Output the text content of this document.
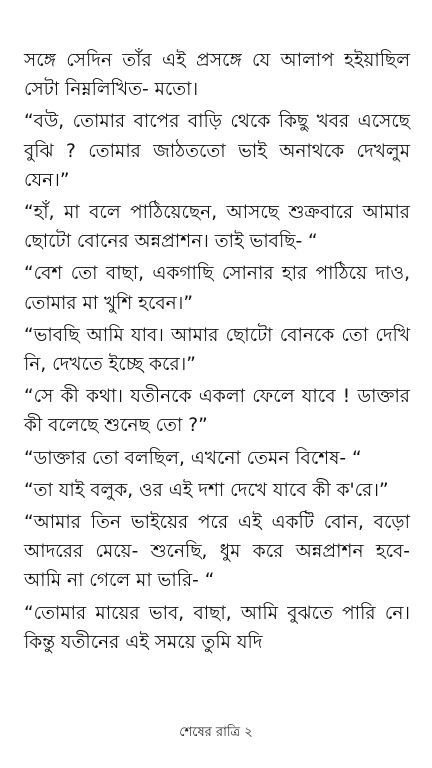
সঙ্গে সেদিন তাঁর এই প্রসঙ্গে যে আলাপ হইয়াছিল সেটা নিম্নলিখিত- মতো।

“বউ, তোমার বাপের বাড়ি থেকে কিছু খবর এসেছে বুঝি ? তোমার জাঠততো ভাই অনাথকে দেখলুম যেন।”

“হাঁ, মা বলে পাঠিয়েছেন, আসছে শুক্রবারে আমার ছোটো বোনের অন্নপ্রাশন। তাই ভাবছি- “

“বেশ তো বাছা, একগাছি সোনার হার পাঠিয়ে দাও, তোমার মা খুশি হবেন।”

“ভাবছি আমি যাব। আমার ছোটো বোনকে তো দেখি নি, দেখতে ইচ্ছে করে।”

“সে কী কথা। যতীনকে একলা ফেলে যাবে ! ডাক্তার কী বলেছে শুনেছ তো ?”

“ডাক্তার তো বলছিল, এখনো তেমন বিশেষ- “

“তা যাই বলুক, ওর এই দশা দেখে যাবে কী ক'রে।”

“আমার তিন ভাইয়ের পরে এই একটি বোন, বড়ো আদরের মেয়ে- শুনেছি, ধুম করে অন্নপ্রাশন হবে- আমি না গেলে মা ভারি- “

“তোমার মায়ের ভাব, বাছা, আমি বুঝতে পারি নে। কিন্তু যতীনের এই সময়ে তুমি যদি

শেষের রাত্রি ২
